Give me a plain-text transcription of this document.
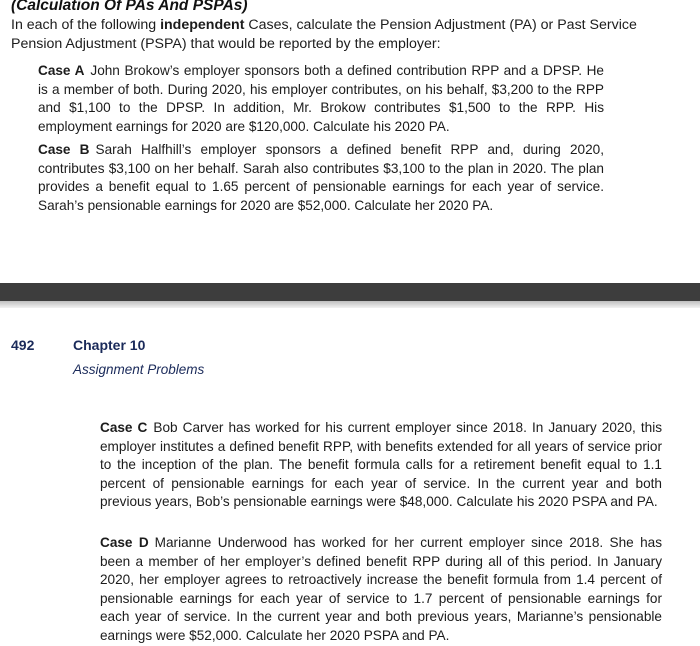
(Calculation Of PAs And PSPAs)

In each of the following independent Cases, calculate the Pension Adjustment (PA) or Past Service Pension Adjustment (PSPA) that would be reported by the employer:

Case A John Brokow’s employer sponsors both a defined contribution RPP and a DPSP. He is a member of both. During 2020, his employer contributes, on his behalf, $3,200 to the RPP and $1,100 to the DPSP. In addition, Mr. Brokow contributes $1,500 to the RPP. His employment earnings for 2020 are $120,000. Calculate his 2020 PA.

Case B Sarah Halfhill’s employer sponsors a defined benefit RPP and, during 2020, contributes $3,100 on her behalf. Sarah also contributes $3,100 to the plan in 2020. The plan provides a benefit equal to 1.65 percent of pensionable earnings for each year of service. Sarah’s pensionable earnings for 2020 are $52,000. Calculate her 2020 PA.

492	Chapter 10

Assignment Problems

Case C Bob Carver has worked for his current employer since 2018. In January 2020, this employer institutes a defined benefit RPP, with benefits extended for all years of service prior to the inception of the plan. The benefit formula calls for a retirement benefit equal to 1.1 percent of pensionable earnings for each year of service. In the current year and both previous years, Bob’s pensionable earnings were $48,000. Calculate his 2020 PSPA and PA.

Case D Marianne Underwood has worked for her current employer since 2018. She has been a member of her employer’s defined benefit RPP during all of this period. In January 2020, her employer agrees to retroactively increase the benefit formula from 1.4 percent of pensionable earnings for each year of service to 1.7 percent of pensionable earnings for each year of service. In the current year and both previous years, Marianne’s pensionable earnings were $52,000. Calculate her 2020 PSPA and PA.
